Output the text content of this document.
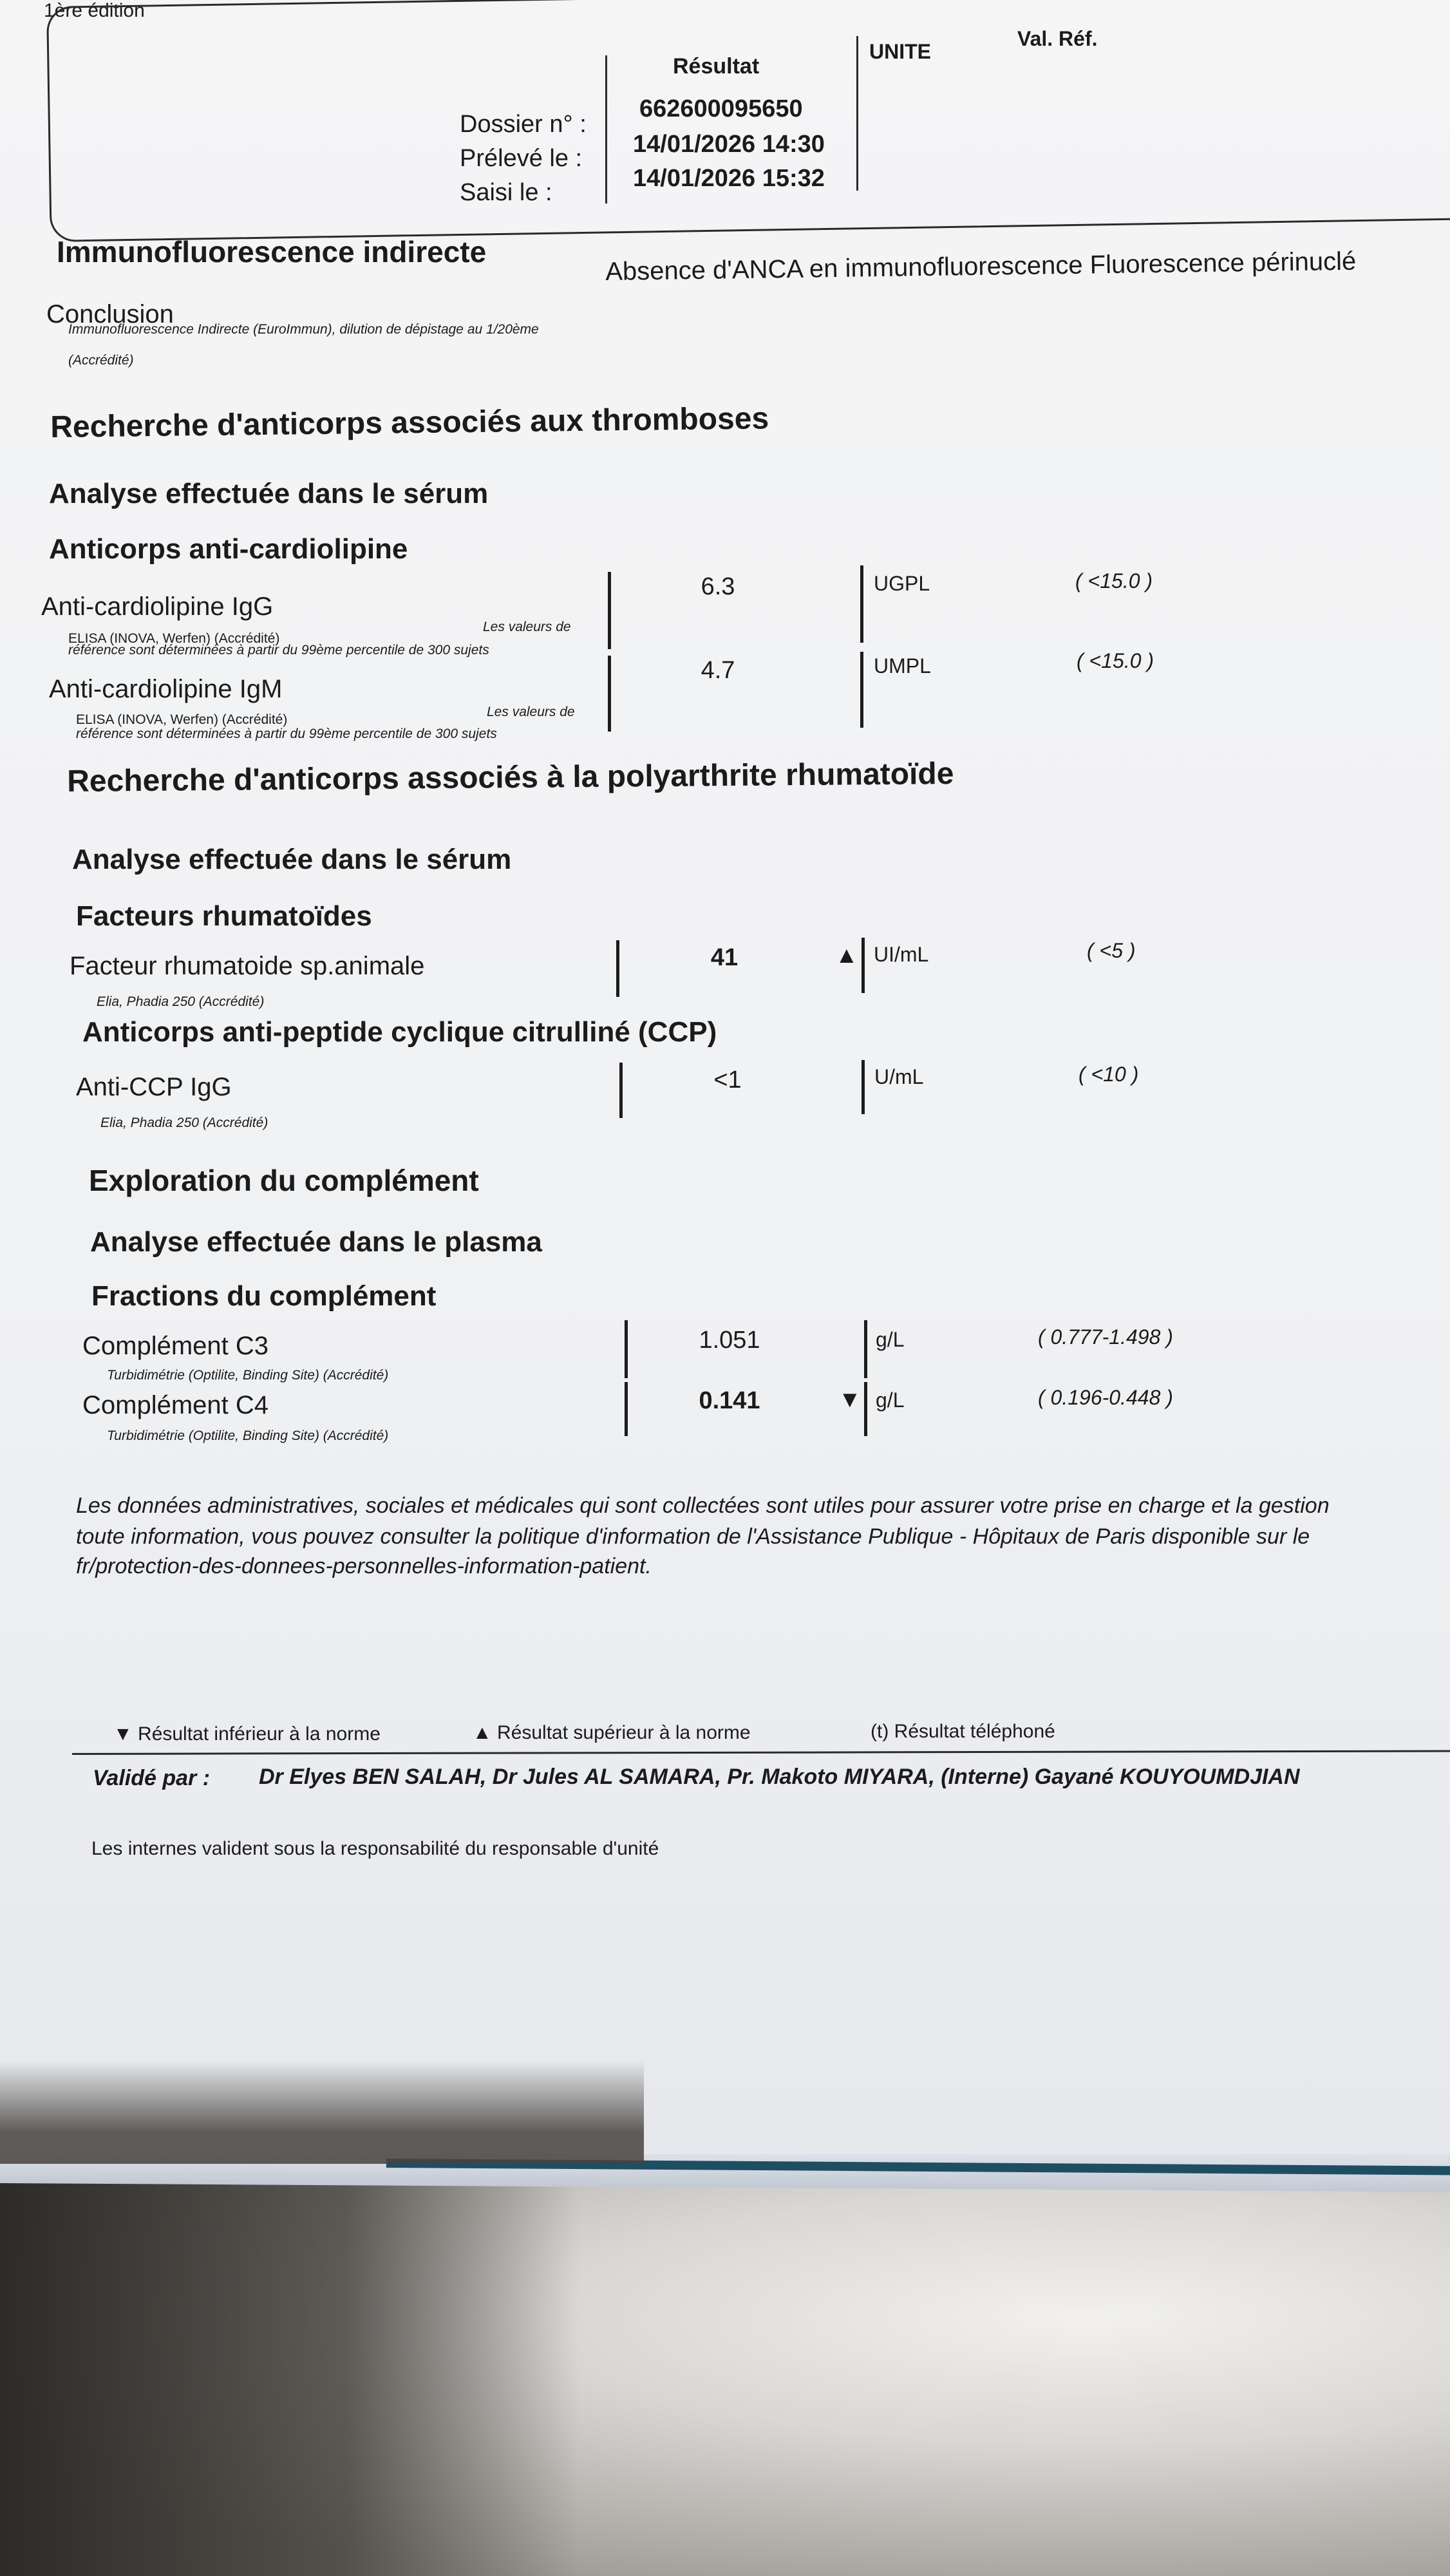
1ère édition
Résultat
UNITE
Val. Réf.
Dossier n° :
662600095650
Prélevé le :
14/01/2026 14:30
Saisi le :
14/01/2026 15:32
Immunofluorescence indirecte
Conclusion
Absence d'ANCA en immunofluorescence Fluorescence périnuclé
Immunofluorescence Indirecte (EuroImmun), dilution de dépistage au 1/20ème
(Accrédité)
Recherche d'anticorps associés aux thromboses
Analyse effectuée dans le sérum
Anticorps anti-cardiolipine
Anti-cardiolipine IgG
ELISA (INOVA, Werfen) (Accrédité)
Les valeurs de
référence sont déterminées à partir du 99ème percentile de 300 sujets
6.3	UGPL	( <15.0 )
Anti-cardiolipine IgM
ELISA (INOVA, Werfen) (Accrédité)
Les valeurs de
référence sont déterminées à partir du 99ème percentile de 300 sujets
4.7	UMPL	( <15.0 )
Recherche d'anticorps associés à la polyarthrite rhumatoïde
Analyse effectuée dans le sérum
Facteurs rhumatoïdes
Facteur rhumatoide sp.animale
Elia, Phadia 250 (Accrédité)
41	▲ UI/mL	( <5 )
Anticorps anti-peptide cyclique citrulliné (CCP)
Anti-CCP IgG
Elia, Phadia 250 (Accrédité)
<1	U/mL	( <10 )
Exploration du complément
Analyse effectuée dans le plasma
Fractions du complément
Complément C3
Turbidimétrie (Optilite, Binding Site) (Accrédité)
1.051	g/L	( 0.777-1.498 )
Complément C4
Turbidimétrie (Optilite, Binding Site) (Accrédité)
0.141	▼ g/L	( 0.196-0.448 )
Les données administratives, sociales et médicales qui sont collectées sont utiles pour assurer votre prise en charge et la gestion
toute information, vous pouvez consulter la politique d'information de l'Assistance Publique - Hôpitaux de Paris disponible sur le
fr/protection-des-donnees-personnelles-information-patient.
▼ Résultat inférieur à la norme	▲ Résultat supérieur à la norme	(t) Résultat téléphoné
Validé par : Dr Elyes BEN SALAH, Dr Jules AL SAMARA, Pr. Makoto MIYARA, (Interne) Gayané KOUYOUMDJIAN
Les internes valident sous la responsabilité du responsable d'unité
